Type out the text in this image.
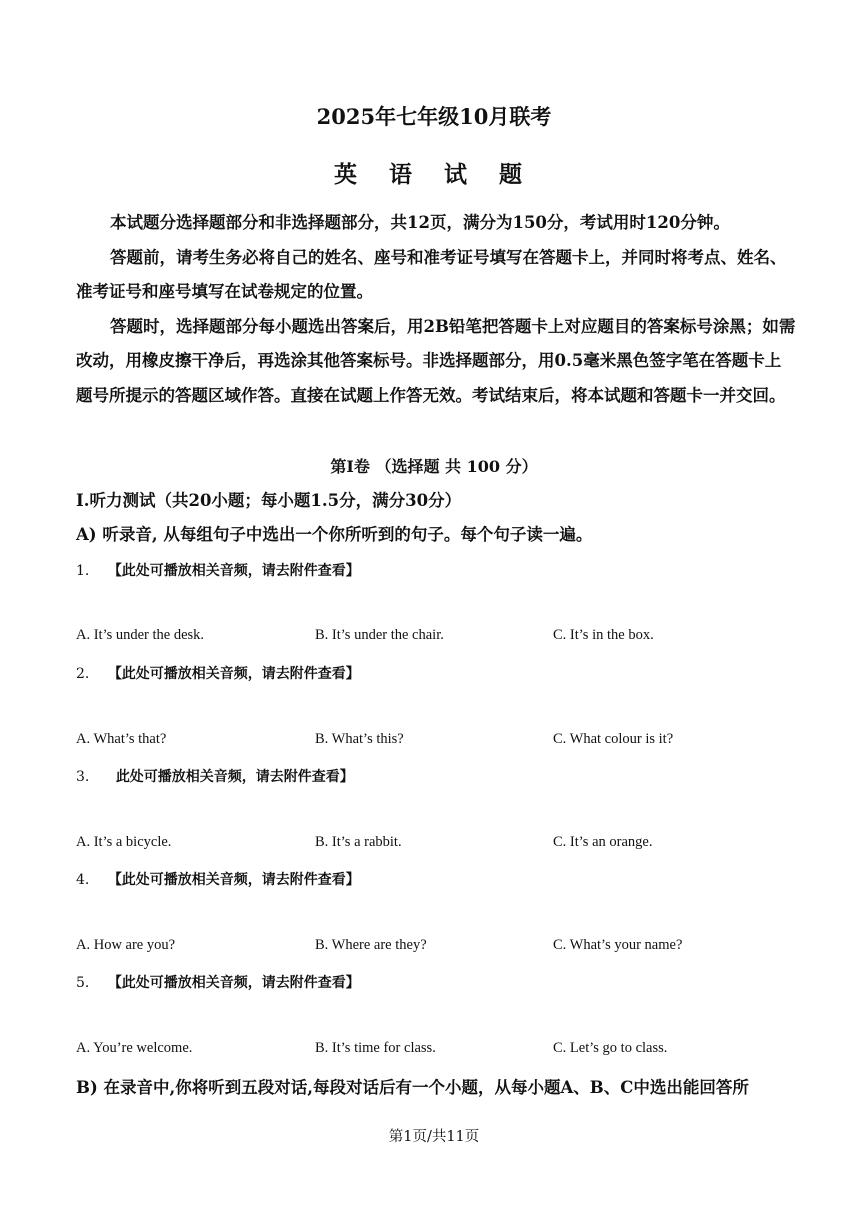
2025年七年级10月联考
英 语 试 题

本试题分选择题部分和非选择题部分，共12页，满分为150分，考试用时120分钟。

答题前，请考生务必将自己的姓名、座号和准考证号填写在答题卡上，并同时将考点、姓名、准考证号和座号填写在试卷规定的位置。

答题时，选择题部分每小题选出答案后，用2B铅笔把答题卡上对应题目的答案标号涂黑；如需改动，用橡皮擦干净后，再选涂其他答案标号。非选择题部分，用0.5毫米黑色签字笔在答题卡上题号所提示的答题区域作答。直接在试题上作答无效。考试结束后，将本试题和答题卡一并交回。

第Ⅰ卷 （选择题 共 100 分）
Ⅰ.听力测试（共20小题；每小题1.5分，满分30分）
A) 听录音, 从每组句子中选出一个你所听到的句子。每个句子读一遍。
1. 【此处可播放相关音频，请去附件查看】
A. It’s under the desk.	B. It’s under the chair.	C. It’s in the box.
2. 【此处可播放相关音频，请去附件查看】
A. What’s that?	B. What’s this?	C. What colour is it?
3. 此处可播放相关音频，请去附件查看】
A. It’s a bicycle.	B. It’s a rabbit.	C. It’s an orange.
4. 【此处可播放相关音频，请去附件查看】
A. How are you?	B. Where are they?	C. What’s your name?
5. 【此处可播放相关音频，请去附件查看】
A. You’re welcome.	B. It’s time for class.	C. Let’s go to class.
B) 在录音中,你将听到五段对话,每段对话后有一个小题，从每小题A、B、C中选出能回答所
第1页/共11页
